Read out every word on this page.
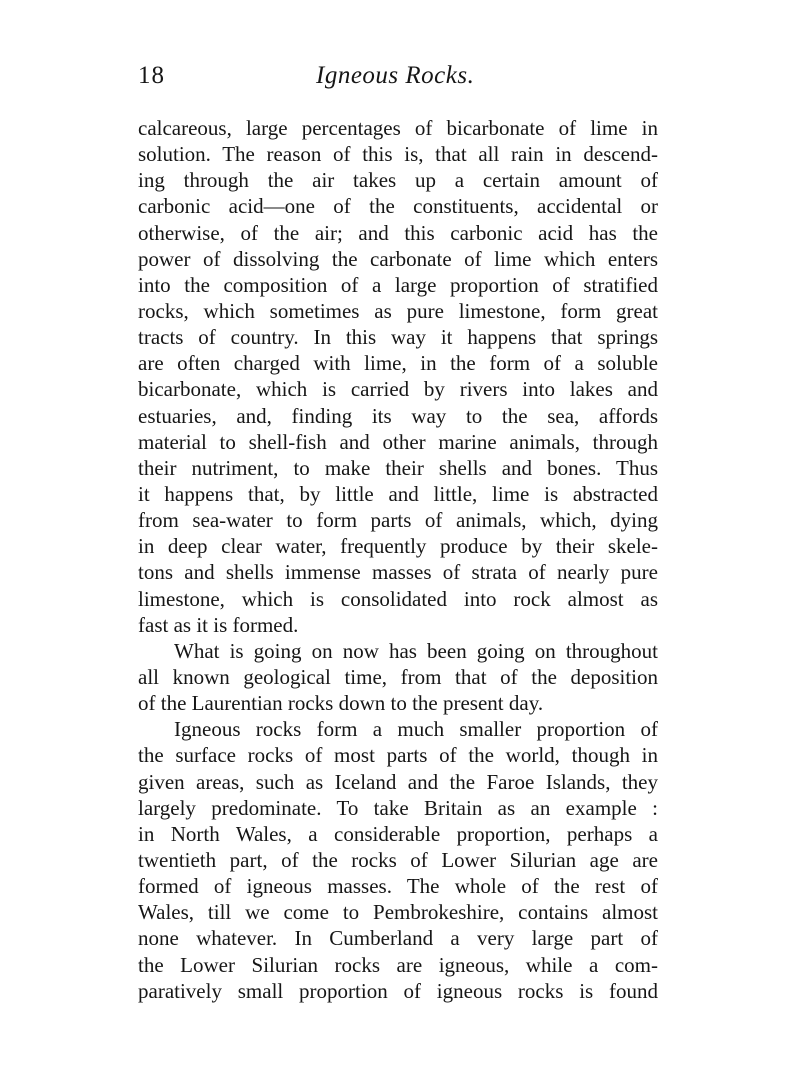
18	Igneous Rocks.
calcareous, large percentages of bicarbonate of lime in
solution. The reason of this is, that all rain in descend-
ing through the air takes up a certain amount of
carbonic acid—one of the constituents, accidental or
otherwise, of the air; and this carbonic acid has the
power of dissolving the carbonate of lime which enters
into the composition of a large proportion of stratified
rocks, which sometimes as pure limestone, form great
tracts of country. In this way it happens that springs
are often charged with lime, in the form of a soluble
bicarbonate, which is carried by rivers into lakes and
estuaries, and, finding its way to the sea, affords
material to shell-fish and other marine animals, through
their nutriment, to make their shells and bones. Thus
it happens that, by little and little, lime is abstracted
from sea-water to form parts of animals, which, dying
in deep clear water, frequently produce by their skele-
tons and shells immense masses of strata of nearly pure
limestone, which is consolidated into rock almost as
fast as it is formed.
What is going on now has been going on throughout
all known geological time, from that of the deposition
of the Laurentian rocks down to the present day.
Igneous rocks form a much smaller proportion of
the surface rocks of most parts of the world, though in
given areas, such as Iceland and the Faroe Islands, they
largely predominate. To take Britain as an example :
in North Wales, a considerable proportion, perhaps a
twentieth part, of the rocks of Lower Silurian age are
formed of igneous masses. The whole of the rest of
Wales, till we come to Pembrokeshire, contains almost
none whatever. In Cumberland a very large part of
the Lower Silurian rocks are igneous, while a com-
paratively small proportion of igneous rocks is found
